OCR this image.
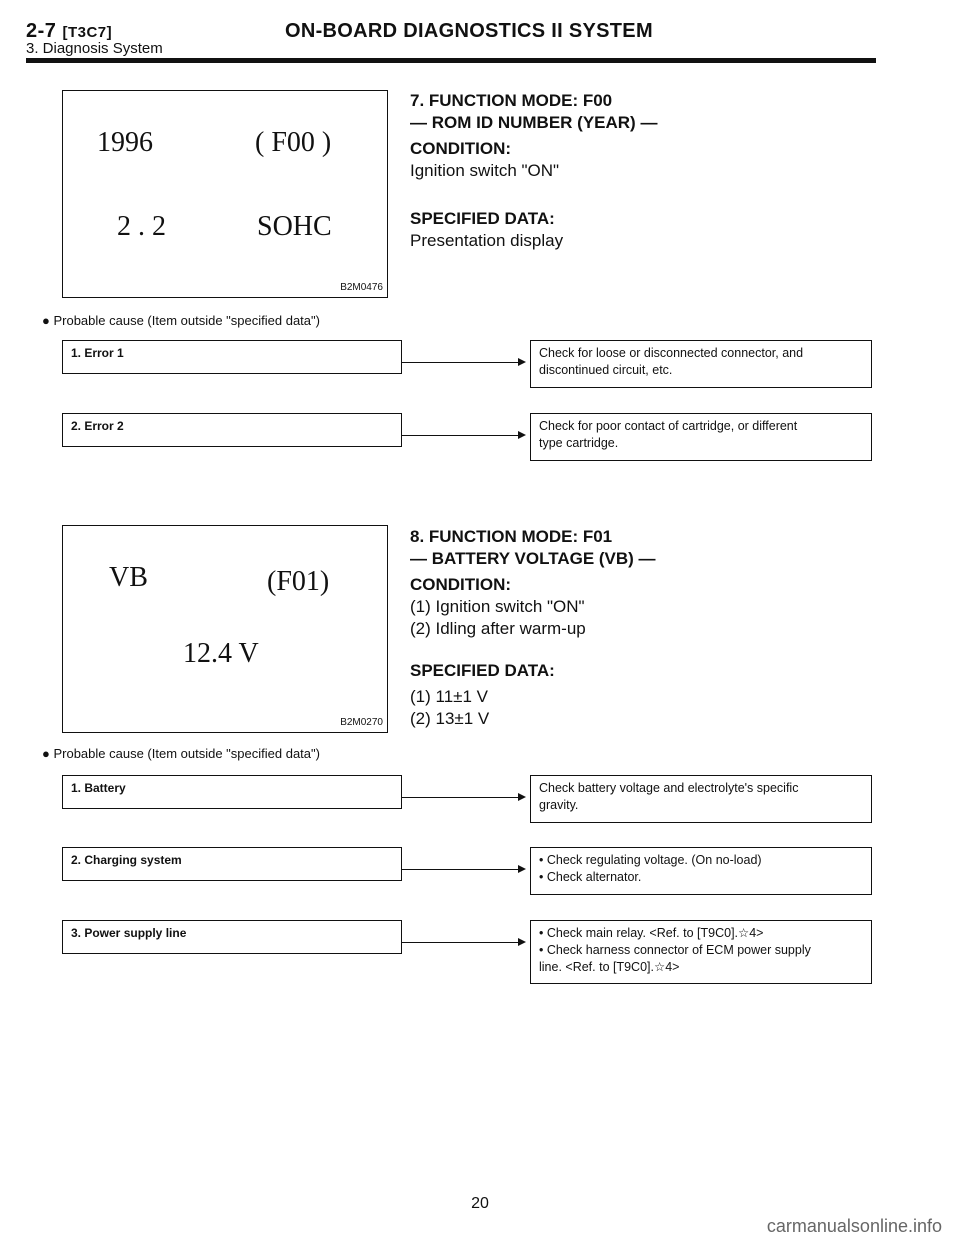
2-7 [T3C7]	ON-BOARD DIAGNOSTICS II SYSTEM
3. Diagnosis System
1996	( F00 )
2 . 2	SOHC
B2M0476
7. FUNCTION MODE: F00
— ROM ID NUMBER (YEAR) —
CONDITION:
Ignition switch "ON"
SPECIFIED DATA:
Presentation display
● Probable cause (Item outside "specified data")
1. Error 1	Check for loose or disconnected connector, and
discontinued circuit, etc.
2. Error 2	Check for poor contact of cartridge, or different
type cartridge.
VB	(F01)
12.4 V
B2M0270
8. FUNCTION MODE: F01
— BATTERY VOLTAGE (VB) —
CONDITION:
(1) Ignition switch "ON"
(2) Idling after warm-up
SPECIFIED DATA:
(1) 11±1 V
(2) 13±1 V
● Probable cause (Item outside "specified data")
1. Battery	Check battery voltage and electrolyte's specific
gravity.
2. Charging system	• Check regulating voltage. (On no-load)
• Check alternator.
3. Power supply line	• Check main relay. <Ref. to [T9C0].☆4>
• Check harness connector of ECM power supply
line. <Ref. to [T9C0].☆4>
20
carmanualsonline.info
